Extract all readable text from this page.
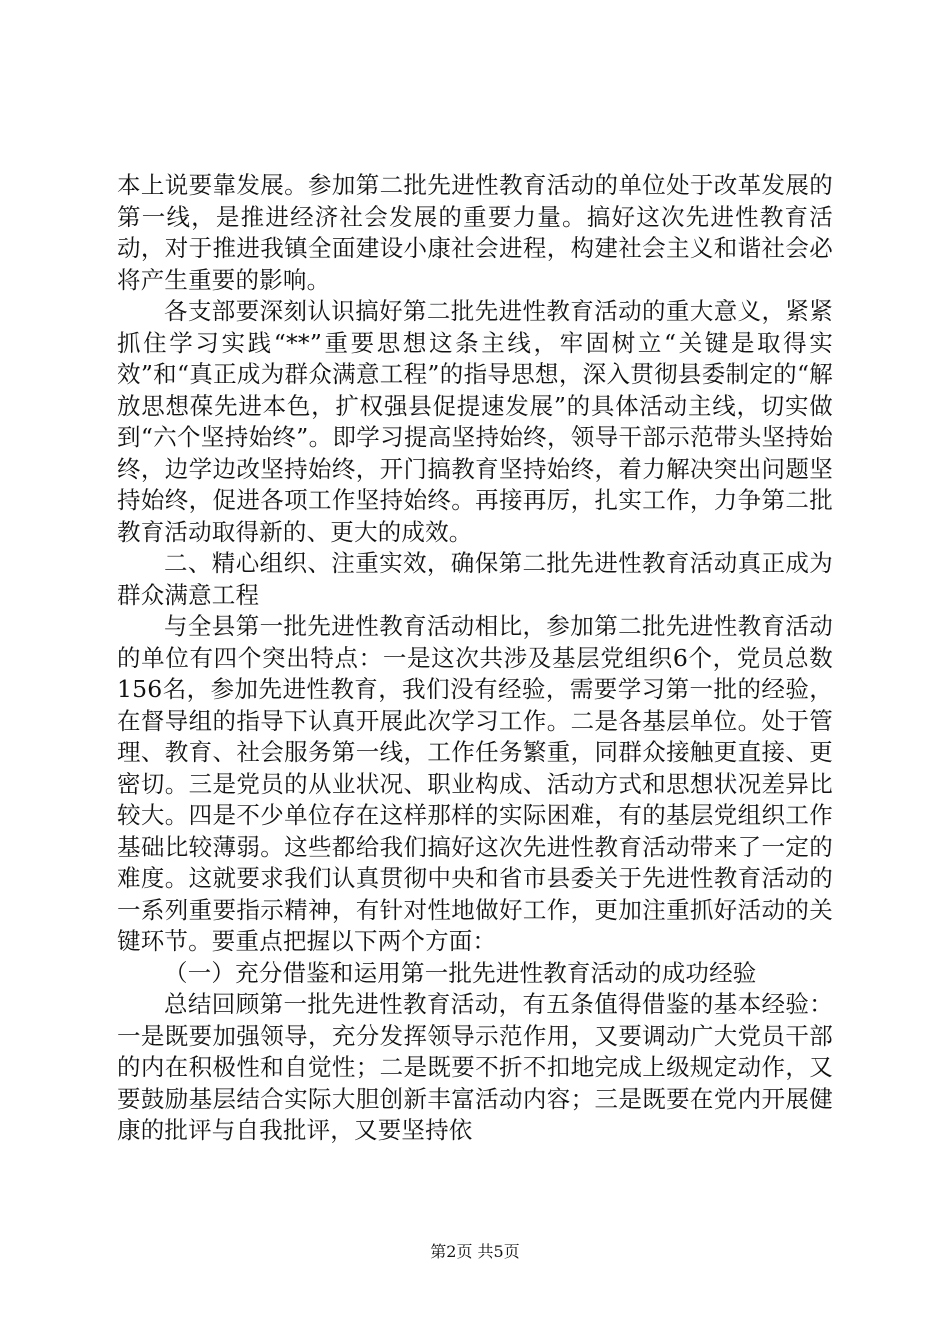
本上说要靠发展。参加第二批先进性教育活动的单位处于改革发展的第一线，是推进经济社会发展的重要力量。搞好这次先进性教育活动，对于推进我镇全面建设小康社会进程，构建社会主义和谐社会必将产生重要的影响。

各支部要深刻认识搞好第二批先进性教育活动的重大意义，紧紧抓住学习实践“**”重要思想这条主线，牢固树立“关键是取得实效”和“真正成为群众满意工程”的指导思想，深入贯彻县委制定的“解放思想葆先进本色，扩权强县促提速发展”的具体活动主线，切实做到“六个坚持始终”。即学习提高坚持始终，领导干部示范带头坚持始终，边学边改坚持始终，开门搞教育坚持始终，着力解决突出问题坚持始终，促进各项工作坚持始终。再接再厉，扎实工作，力争第二批教育活动取得新的、更大的成效。

二、精心组织、注重实效，确保第二批先进性教育活动真正成为群众满意工程

与全县第一批先进性教育活动相比，参加第二批先进性教育活动的单位有四个突出特点：一是这次共涉及基层党组织6个，党员总数156名，参加先进性教育，我们没有经验，需要学习第一批的经验，在督导组的指导下认真开展此次学习工作。二是各基层单位。处于管理、教育、社会服务第一线，工作任务繁重，同群众接触更直接、更密切。三是党员的从业状况、职业构成、活动方式和思想状况差异比较大。四是不少单位存在这样那样的实际困难，有的基层党组织工作基础比较薄弱。这些都给我们搞好这次先进性教育活动带来了一定的难度。这就要求我们认真贯彻中央和省市县委关于先进性教育活动的一系列重要指示精神，有针对性地做好工作，更加注重抓好活动的关键环节。要重点把握以下两个方面：

（一）充分借鉴和运用第一批先进性教育活动的成功经验

总结回顾第一批先进性教育活动，有五条值得借鉴的基本经验：一是既要加强领导，充分发挥领导示范作用，又要调动广大党员干部的内在积极性和自觉性；二是既要不折不扣地完成上级规定动作，又要鼓励基层结合实际大胆创新丰富活动内容；三是既要在党内开展健康的批评与自我批评，又要坚持依

第2页 共5页
